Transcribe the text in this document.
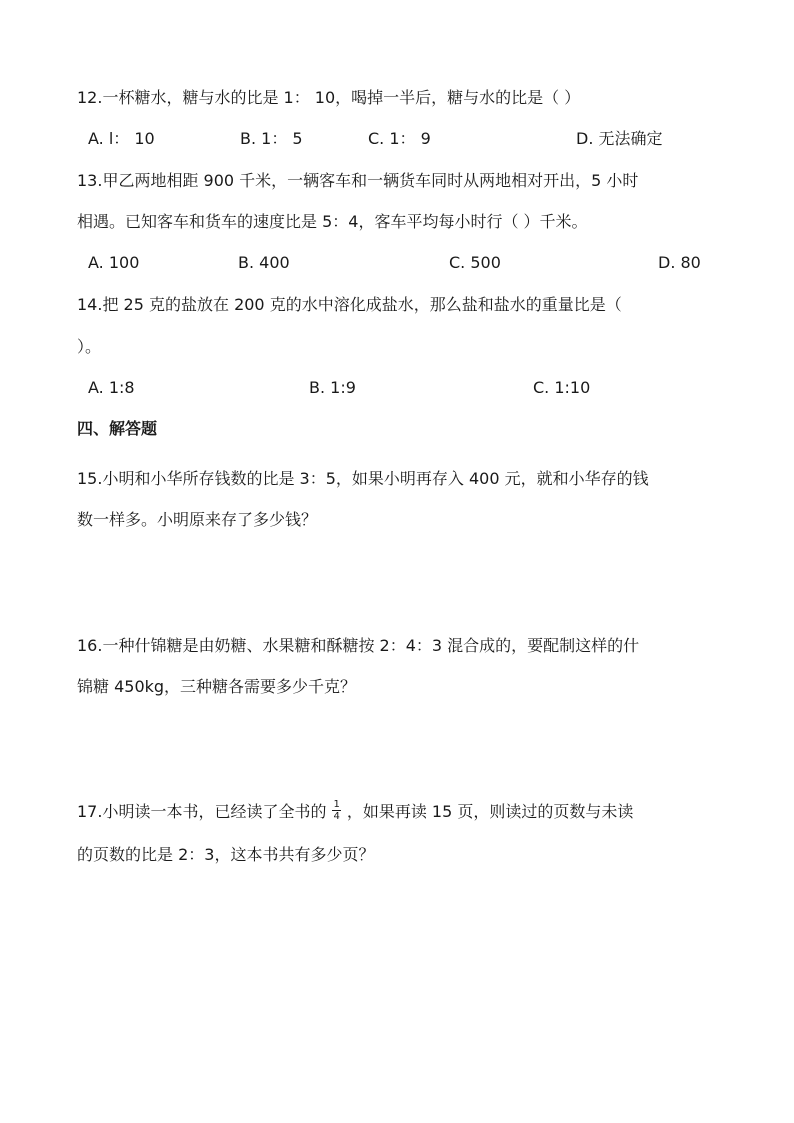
12.一杯糖水，糖与水的比是 1： 10，喝掉一半后，糖与水的比是（ ）
A. l： 10	B. 1： 5	C. 1： 9	D. 无法确定
13.甲乙两地相距 900 千米，一辆客车和一辆货车同时从两地相对开出，5 小时
相遇。已知客车和货车的速度比是 5：4，客车平均每小时行（ ）千米。
A. 100	B. 400	C. 500	D. 80
14.把 25 克的盐放在 200 克的水中溶化成盐水，那么盐和盐水的重量比是（
）。
A. 1:8	B. 1:9	C. 1:10
四、解答题
15.小明和小华所存钱数的比是 3：5，如果小明再存入 400 元，就和小华存的钱
数一样多。小明原来存了多少钱？
16.一种什锦糖是由奶糖、水果糖和酥糖按 2：4：3 混合成的，要配制这样的什
锦糖 450kg，三种糖各需要多少千克？
17.小明读一本书，已经读了全书的 $\frac{1}{4}$ ，如果再读 15 页，则读过的页数与未读
的页数的比是 2：3，这本书共有多少页？
